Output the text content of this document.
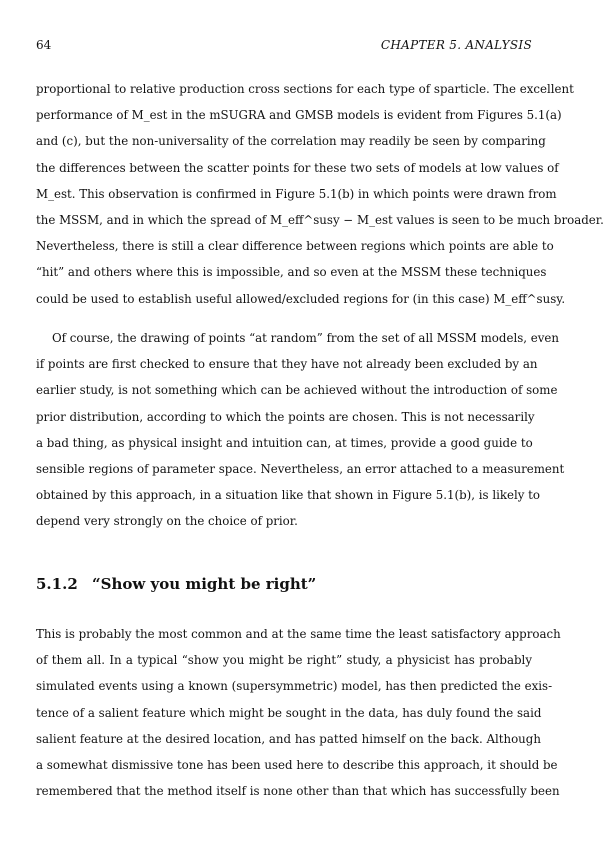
64	CHAPTER 5. ANALYSIS
proportional to relative production cross sections for each type of sparticle. The excellent
performance of M_est in the mSUGRA and GMSB models is evident from Figures 5.1(a)
and (c), but the non-universality of the correlation may readily be seen by comparing
the differences between the scatter points for these two sets of models at low values of
M_est. This observation is confirmed in Figure 5.1(b) in which points were drawn from
the MSSM, and in which the spread of M_eff^susy − M_est values is seen to be much broader.
Nevertheless, there is still a clear difference between regions which points are able to
“hit” and others where this is impossible, and so even at the MSSM these techniques
could be used to establish useful allowed/excluded regions for (in this case) M_eff^susy.
Of course, the drawing of points “at random” from the set of all MSSM models, even
if points are first checked to ensure that they have not already been excluded by an
earlier study, is not something which can be achieved without the introduction of some
prior distribution, according to which the points are chosen. This is not necessarily
a bad thing, as physical insight and intuition can, at times, provide a good guide to
sensible regions of parameter space. Nevertheless, an error attached to a measurement
obtained by this approach, in a situation like that shown in Figure 5.1(b), is likely to
depend very strongly on the choice of prior.
5.1.2 “Show you might be right”
This is probably the most common and at the same time the least satisfactory approach
of them all. In a typical “show you might be right” study, a physicist has probably
simulated events using a known (supersymmetric) model, has then predicted the exis-
tence of a salient feature which might be sought in the data, has duly found the said
salient feature at the desired location, and has patted himself on the back. Although
a somewhat dismissive tone has been used here to describe this approach, it should be
remembered that the method itself is none other than that which has successfully been
